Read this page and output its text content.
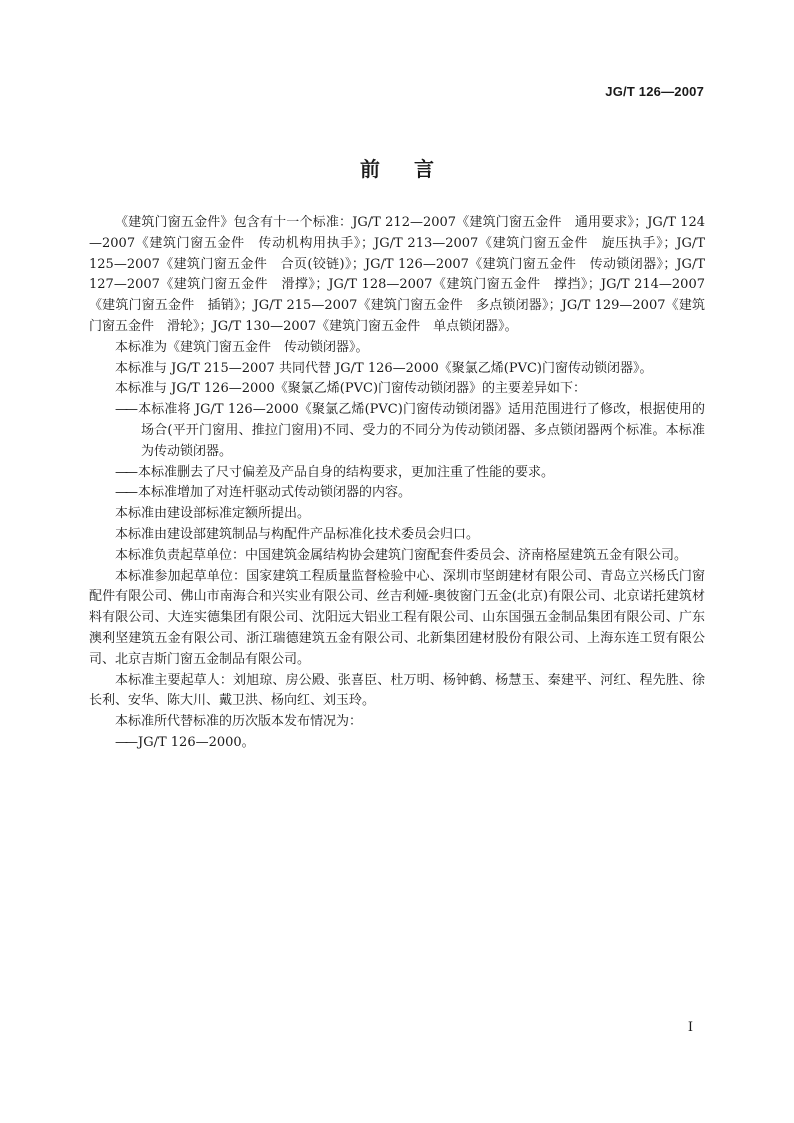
JG/T 126—2007
前 言

《建筑门窗五金件》包含有十一个标准：JG/T 212—2007《建筑门窗五金件　通用要求》；JG/T 124—2007《建筑门窗五金件　传动机构用执手》；JG/T 213—2007《建筑门窗五金件　旋压执手》；JG/T 125—2007《建筑门窗五金件　合页(铰链)》；JG/T 126—2007《建筑门窗五金件　传动锁闭器》；JG/T 127—2007《建筑门窗五金件　滑撑》；JG/T 128—2007《建筑门窗五金件　撑挡》；JG/T 214—2007《建筑门窗五金件　插销》；JG/T 215—2007《建筑门窗五金件　多点锁闭器》；JG/T 129—2007《建筑门窗五金件　滑轮》；JG/T 130—2007《建筑门窗五金件　单点锁闭器》。

本标准为《建筑门窗五金件　传动锁闭器》。

本标准与 JG/T 215—2007 共同代替 JG/T 126—2000《聚氯乙烯(PVC)门窗传动锁闭器》。

本标准与 JG/T 126—2000《聚氯乙烯(PVC)门窗传动锁闭器》的主要差异如下：

—— 本标准将 JG/T 126—2000《聚氯乙烯(PVC)门窗传动锁闭器》适用范围进行了修改，根据使用的场合(平开门窗用、推拉门窗用)不同、受力的不同分为传动锁闭器、多点锁闭器两个标准。本标准为传动锁闭器。

—— 本标准删去了尺寸偏差及产品自身的结构要求，更加注重了性能的要求。

—— 本标准增加了对连杆驱动式传动锁闭器的内容。

本标准由建设部标准定额所提出。

本标准由建设部建筑制品与构配件产品标准化技术委员会归口。

本标准负责起草单位：中国建筑金属结构协会建筑门窗配套件委员会、济南格屋建筑五金有限公司。

本标准参加起草单位：国家建筑工程质量监督检验中心、深圳市坚朗建材有限公司、青岛立兴杨氏门窗配件有限公司、佛山市南海合和兴实业有限公司、丝吉利娅-奥彼窗门五金(北京)有限公司、北京诺托建筑材料有限公司、大连实德集团有限公司、沈阳远大铝业工程有限公司、山东国强五金制品集团有限公司、广东澳利坚建筑五金有限公司、浙江瑞德建筑五金有限公司、北新集团建材股份有限公司、上海东连工贸有限公司、北京吉斯门窗五金制品有限公司。

本标准主要起草人：刘旭琼、房公殿、张喜臣、杜万明、杨钟鹤、杨慧玉、秦建平、河红、程先胜、徐长利、安华、陈大川、戴卫洪、杨向红、刘玉玲。

本标准所代替标准的历次版本发布情况为：

—— JG/T 126—2000。

I
